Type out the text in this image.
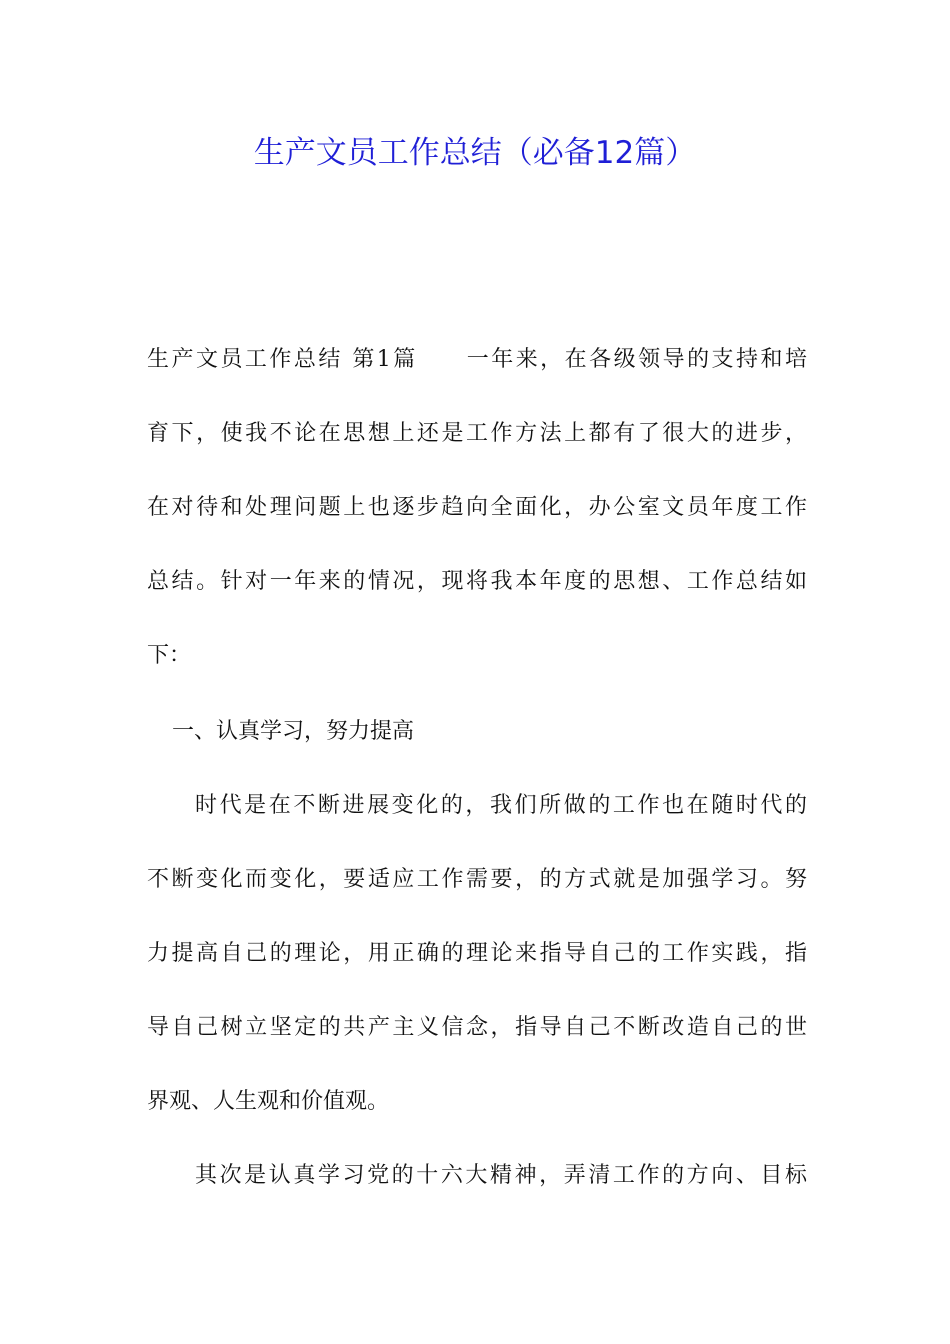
生产文员工作总结（必备12篇）
生产文员工作总结 第1篇　　一年来，在各级领导的支持和培
育下，使我不论在思想上还是工作方法上都有了很大的进步，
在对待和处理问题上也逐步趋向全面化，办公室文员年度工作
总结。针对一年来的情况，现将我本年度的思想、工作总结如
下：
一、认真学习，努力提高
时代是在不断进展变化的，我们所做的工作也在随时代的
不断变化而变化，要适应工作需要，的方式就是加强学习。努
力提高自己的理论，用正确的理论来指导自己的工作实践，指
导自己树立坚定的共产主义信念，指导自己不断改造自己的世
界观、人生观和价值观。
其次是认真学习党的十六大精神，弄清工作的方向、目标
